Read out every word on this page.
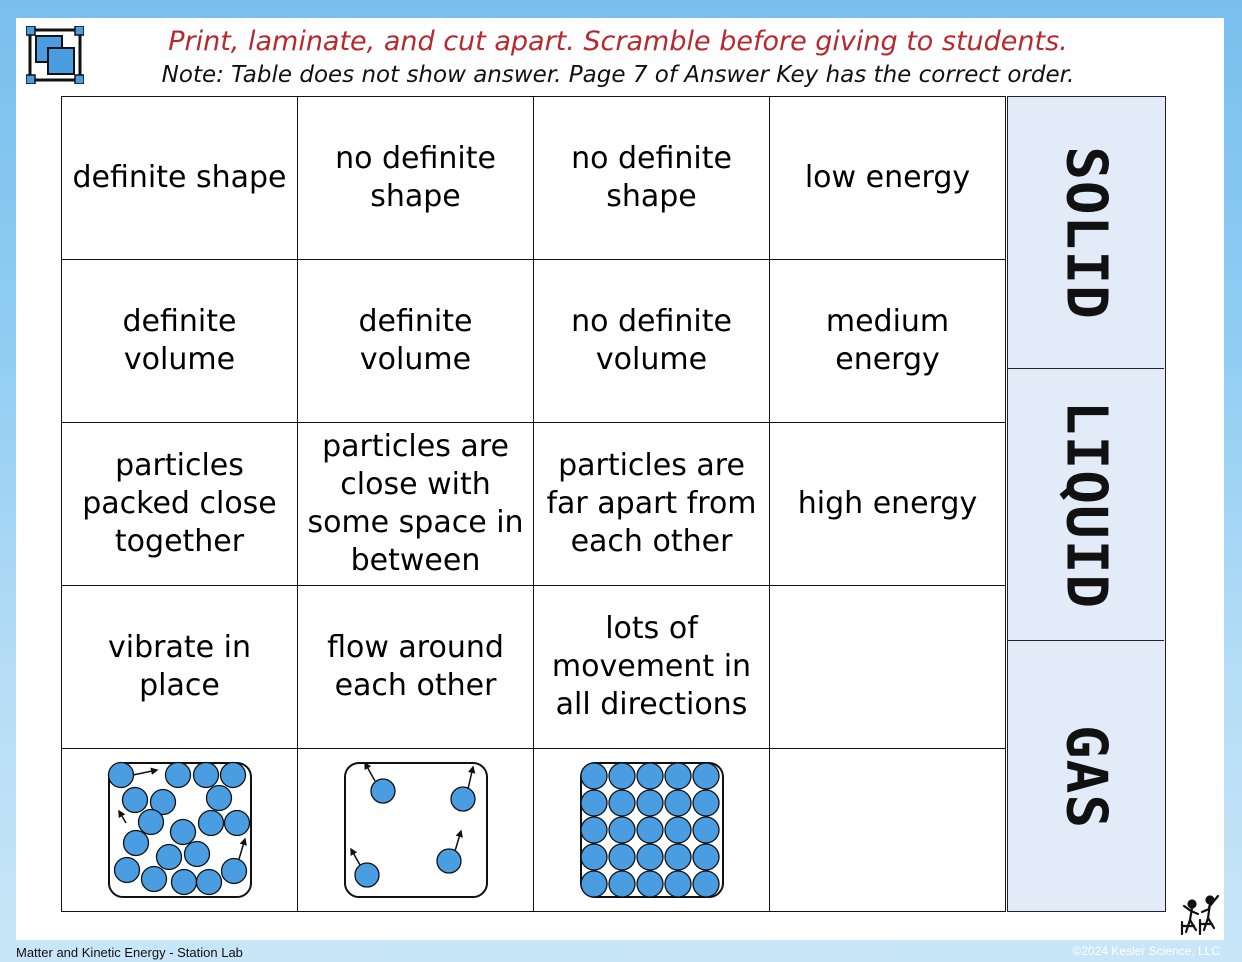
Print, laminate, and cut apart. Scramble before giving to students.
Note: Table does not show answer. Page 7 of Answer Key has the correct order.
definite shape	no definite shape	no definite shape	low energy

definite volume	definite volume	no definite volume	medium energy

particles packed close together	particles are close with some space in between	particles are far apart from each other	high energy

vibrate in place	flow around each other	lots of movement in all directions	

SOLID
LIQUID
GAS
Matter and Kinetic Energy - Station Lab	©2024 Kesler Science, LLC
